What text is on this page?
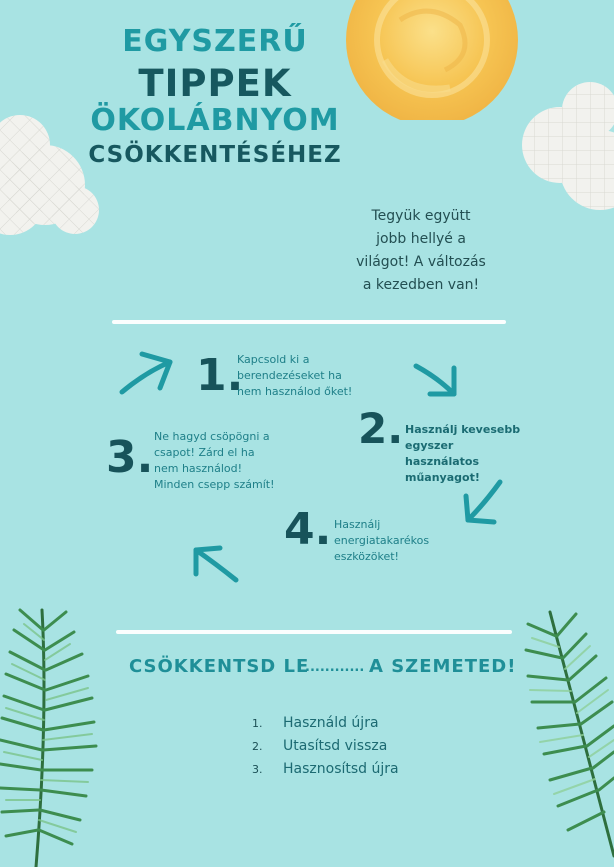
EGYSZERŰ
TIPPEK
ÖKOLÁBNYOM
CSÖKKENTÉSÉHEZ
Tegyük együtt jobb hellyé a világot! A változás a kezedben van!
1.
Kapcsold ki a berendezéseket ha nem használod őket!
2. Használj kevesebb egyszer használatos műanyagot!
3. Ne hagyd csöpögni a csapot! Zárd el ha nem használod! Minden csepp számít!
4. Használj energiatakarékos eszközöket!
CSÖKKENTSD LE
............ A SZEMETED!
1. Használd újra
2. Utasítsd vissza
3. Hasznosítsd újra
